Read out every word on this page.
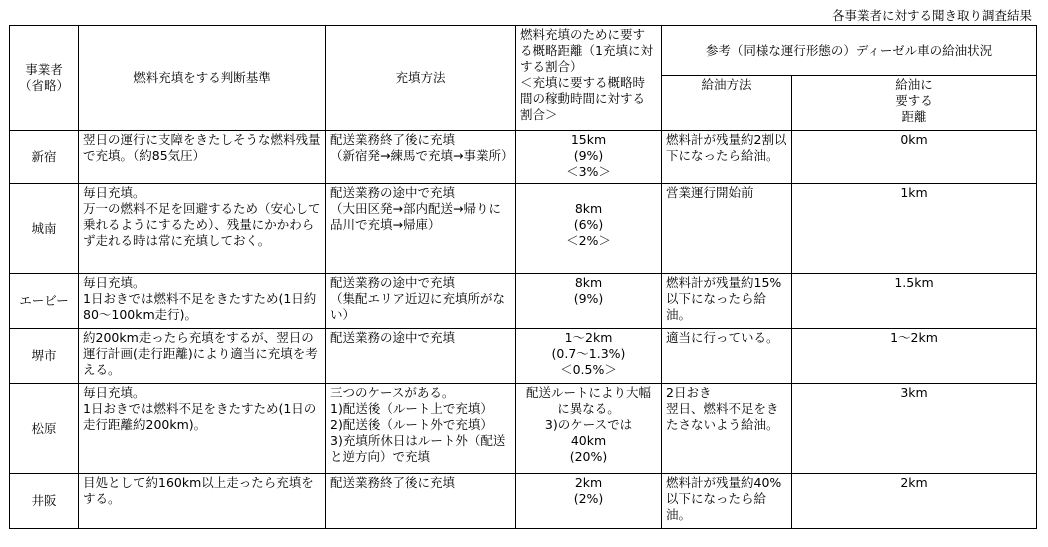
各事業者に対する聞き取り調査結果

事業者
（省略）	燃料充填をする判断基準	充填方法	燃料充填のために要する概略距離（1充填に対する割合）
＜充填に要する概略時間の稼動時間に対する割合＞	参考（同様な運行形態の）ディーゼル車の給油状況	
				給油方法	給油に
要する
距離
新宿	翌日の運行に支障をきたしそうな燃料残量で充填。（約85気圧）	配送業務終了後に充填
（新宿発→練馬で充填→事業所）	15km
(9%)
＜3%＞	燃料計が残量約2割以下になったら給油。	0km
城南	毎日充填。
万一の燃料不足を回避するため（安心して乗れるようにするため）、残量にかかわらず走れる時は常に充填しておく。	配送業務の途中で充填
（大田区発→部内配送→帰りに品川で充填→帰庫）	
8km
(6%)
＜2%＞	営業運行開始前	1km
エービー	毎日充填。
1日おきでは燃料不足をきたすため(1日約80～100km走行)。	配送業務の途中で充填
（集配エリア近辺に充填所がない）	8km
(9%)	燃料計が残量約15%以下になったら給油。	1.5km
堺市	約200km走ったら充填をするが、翌日の運行計画(走行距離)により適当に充填を考える。	配送業務の途中で充填	1～2km
(0.7～1.3%)
＜0.5%＞	適当に行っている。	1～2km
松原	毎日充填。
1日おきでは燃料不足をきたすため(1日の走行距離約200km)。	三つのケースがある。
1)配送後（ルート上で充填）
2)配送後（ルート外で充填）
3)充填所休日はルート外（配送と逆方向）で充填	配送ルートにより大幅に異なる。
3)のケースでは
40km
(20%)	2日おき
翌日、燃料不足をきたさないよう給油。	3km
井阪	目処として約160km以上走ったら充填をする。	配送業務終了後に充填	2km
(2%)	燃料計が残量約40%以下になったら給油。	2km
